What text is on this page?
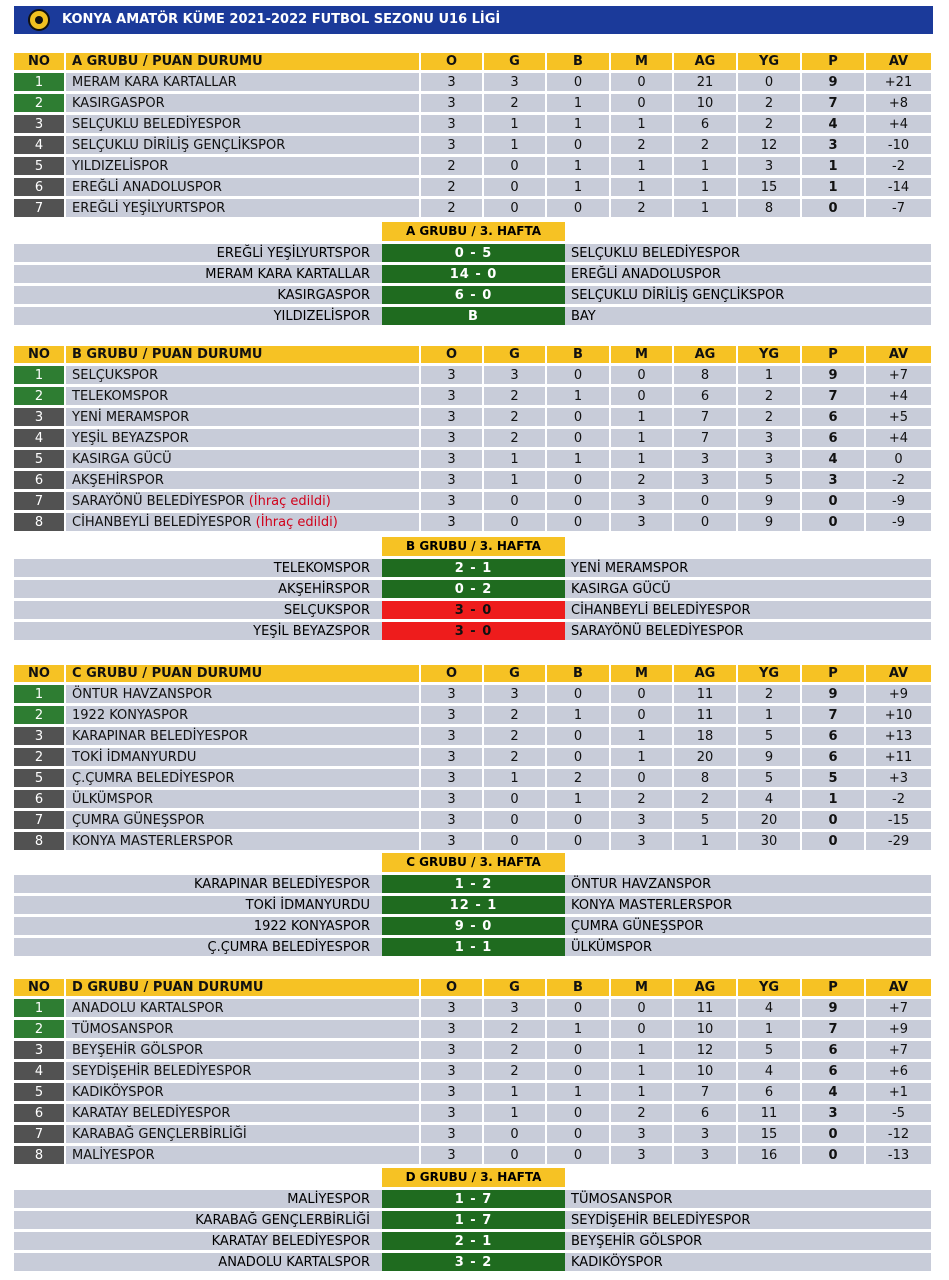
KONYA AMATÖR KÜME 2021-2022 FUTBOL SEZONU U16 LİGİ
NO	A GRUBU / PUAN DURUMU	O	G	B	M	AG	YG	P	AV
1	MERAM KARA KARTALLAR	3	3	0	0	21	0	9	+21
2	KASIRGASPOR	3	2	1	0	10	2	7	+8
3	SELÇUKLU BELEDİYESPOR	3	1	1	1	6	2	4	+4
4	SELÇUKLU DİRİLİŞ GENÇLİKSPOR	3	1	0	2	2	12	3	-10
5	YILDIZELİSPOR	2	0	1	1	1	3	1	-2
6	EREĞLİ ANADOLUSPOR	2	0	1	1	1	15	1	-14
7	EREĞLİ YEŞİLYURTSPOR	2	0	0	2	1	8	0	-7
A GRUBU / 3. HAFTA
EREĞLİ YEŞİLYURTSPOR	0 - 5	SELÇUKLU BELEDİYESPOR
MERAM KARA KARTALLAR	14 - 0	EREĞLİ ANADOLUSPOR
KASIRGASPOR	6 - 0	SELÇUKLU DİRİLİŞ GENÇLİKSPOR
YILDIZELİSPOR	B	BAY
NO	B GRUBU / PUAN DURUMU	O	G	B	M	AG	YG	P	AV
1	SELÇUKSPOR	3	3	0	0	8	1	9	+7
2	TELEKOMSPOR	3	2	1	0	6	2	7	+4
3	YENİ MERAMSPOR	3	2	0	1	7	2	6	+5
4	YEŞİL BEYAZSPOR	3	2	0	1	7	3	6	+4
5	KASIRGA GÜCÜ	3	1	1	1	3	3	4	0
6	AKŞEHİRSPOR	3	1	0	2	3	5	3	-2
7	SARAYÖNÜ BELEDİYESPOR (İhraç edildi)	3	0	0	3	0	9	0	-9
8	CİHANBEYLİ BELEDİYESPOR (İhraç edildi)	3	0	0	3	0	9	0	-9
B GRUBU / 3. HAFTA
TELEKOMSPOR	2 - 1	YENİ MERAMSPOR
AKŞEHİRSPOR	0 - 2	KASIRGA GÜCÜ
SELÇUKSPOR	3 - 0	CİHANBEYLİ BELEDİYESPOR
YEŞİL BEYAZSPOR	3 - 0	SARAYÖNÜ BELEDİYESPOR
NO	C GRUBU / PUAN DURUMU	O	G	B	M	AG	YG	P	AV
1	ÖNTUR HAVZANSPOR	3	3	0	0	11	2	9	+9
2	1922 KONYASPOR	3	2	1	0	11	1	7	+10
3	KARAPINAR BELEDİYESPOR	3	2	0	1	18	5	6	+13
2	TOKİ İDMANYURDU	3	2	0	1	20	9	6	+11
5	Ç.ÇUMRA BELEDİYESPOR	3	1	2	0	8	5	5	+3
6	ÜLKÜMSPOR	3	0	1	2	2	4	1	-2
7	ÇUMRA GÜNEŞSPOR	3	0	0	3	5	20	0	-15
8	KONYA MASTERLERSPOR	3	0	0	3	1	30	0	-29
C GRUBU / 3. HAFTA
KARAPINAR BELEDİYESPOR	1 - 2	ÖNTUR HAVZANSPOR
TOKİ İDMANYURDU	12 - 1	KONYA MASTERLERSPOR
1922 KONYASPOR	9 - 0	ÇUMRA GÜNEŞSPOR
Ç.ÇUMRA BELEDİYESPOR	1 - 1	ÜLKÜMSPOR
NO	D GRUBU / PUAN DURUMU	O	G	B	M	AG	YG	P	AV
1	ANADOLU KARTALSPOR	3	3	0	0	11	4	9	+7
2	TÜMOSANSPOR	3	2	1	0	10	1	7	+9
3	BEYŞEHİR GÖLSPOR	3	2	0	1	12	5	6	+7
4	SEYDİŞEHİR BELEDİYESPOR	3	2	0	1	10	4	6	+6
5	KADIKÖYSPOR	3	1	1	1	7	6	4	+1
6	KARATAY BELEDİYESPOR	3	1	0	2	6	11	3	-5
7	KARABAĞ GENÇLERBİRLİĞİ	3	0	0	3	3	15	0	-12
8	MALİYESPOR	3	0	0	3	3	16	0	-13
D GRUBU / 3. HAFTA
MALİYESPOR	1 - 7	TÜMOSANSPOR
KARABAĞ GENÇLERBİRLİĞİ	1 - 7	SEYDİŞEHİR BELEDİYESPOR
KARATAY BELEDİYESPOR	2 - 1	BEYŞEHİR GÖLSPOR
ANADOLU KARTALSPOR	3 - 2	KADIKÖYSPOR
